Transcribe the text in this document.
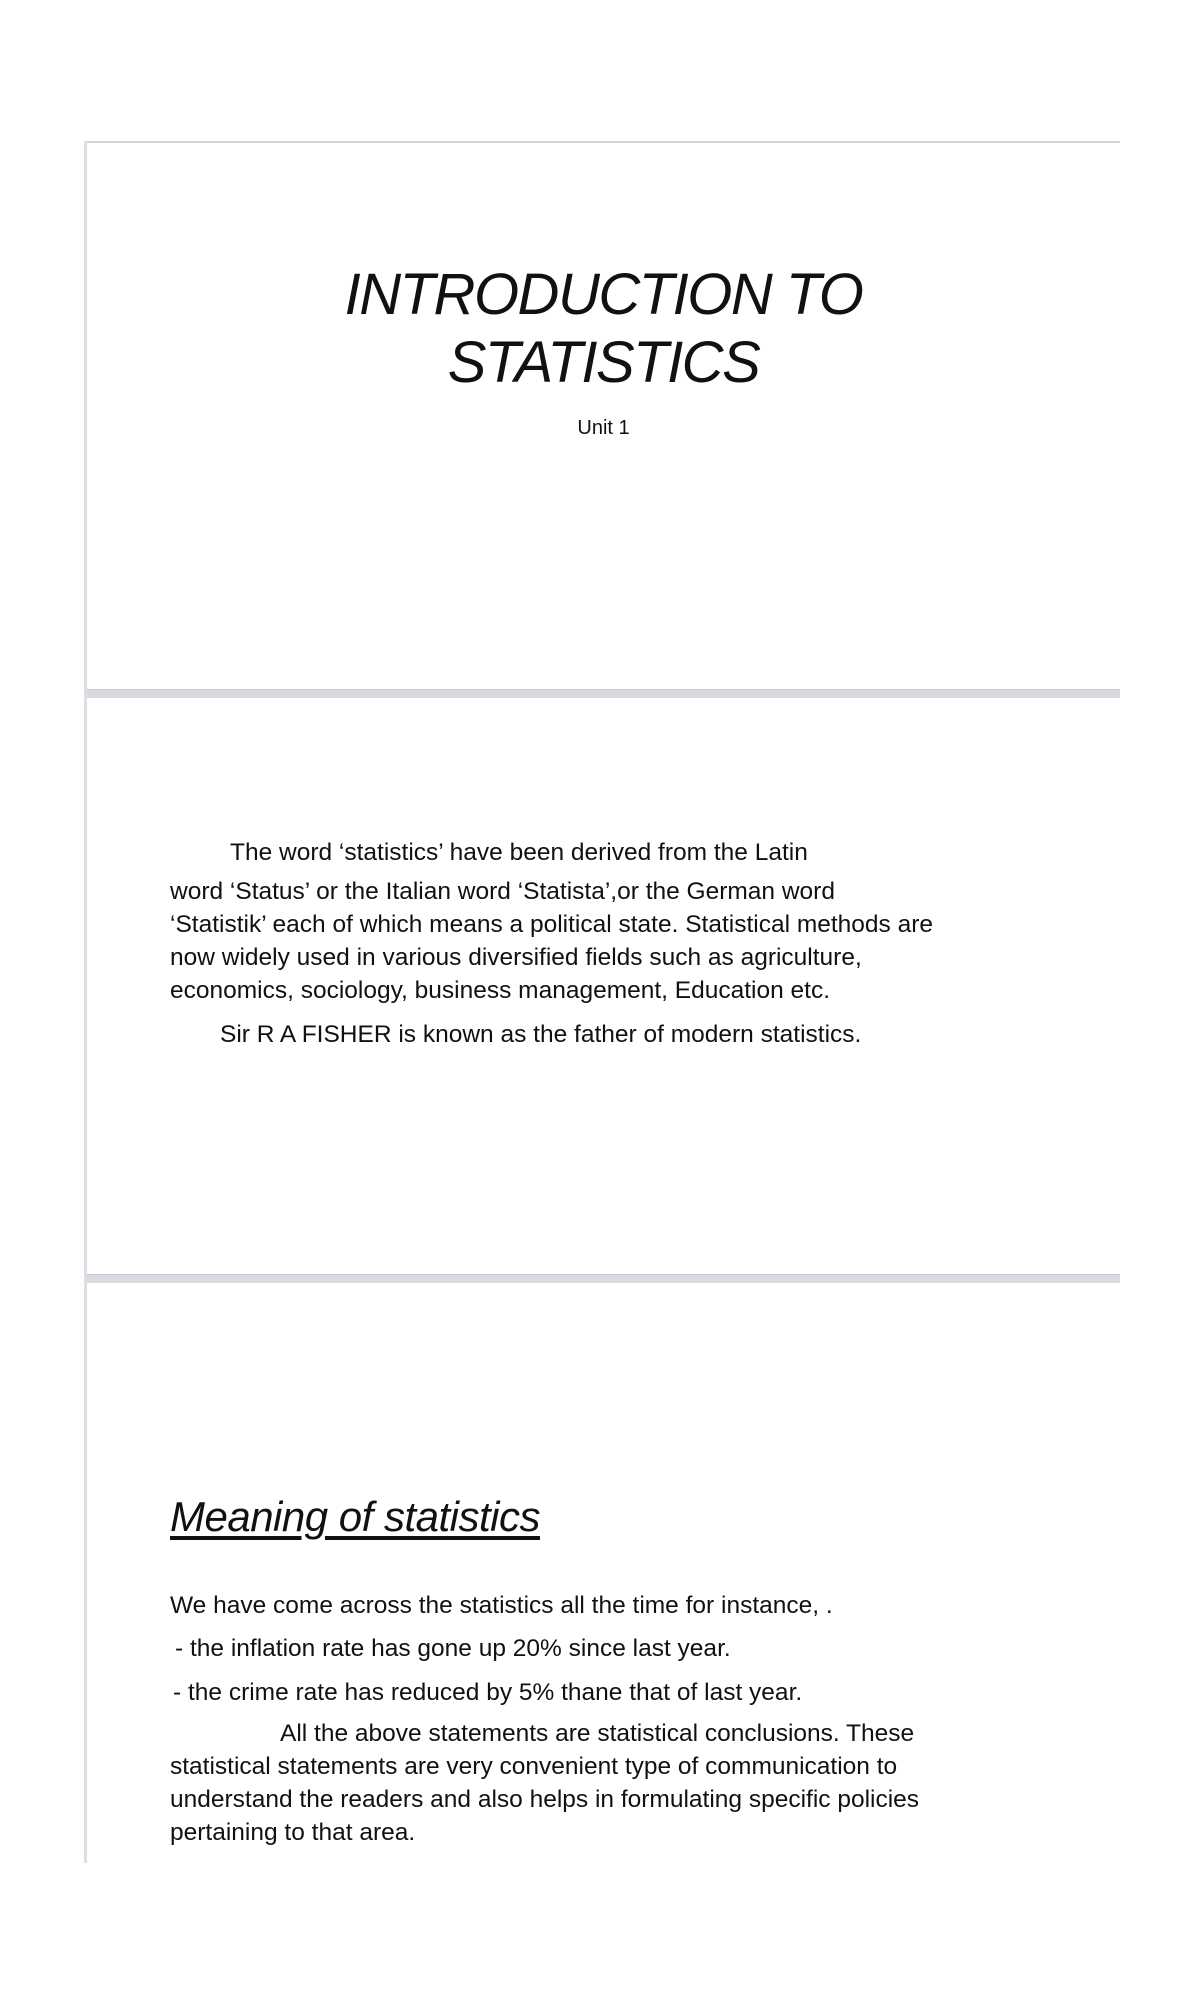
INTRODUCTION TO
STATISTICS
Unit 1
The word ‘statistics’ have been derived from the Latin
word ‘Status’ or the Italian word ‘Statista’,or the German word
‘Statistik’ each of which means a political state. Statistical methods are
now widely used in various diversified fields such as agriculture,
economics, sociology, business management, Education etc.
Sir R A FISHER is known as the father of modern statistics.
Meaning of statistics
We have come across the statistics all the time for instance, .
- the inflation rate has gone up 20% since last year.
- the crime rate has reduced by 5% thane that of last year.
All the above statements are statistical conclusions. These
statistical statements are very convenient type of communication to
understand the readers and also helps in formulating specific policies
pertaining to that area.
